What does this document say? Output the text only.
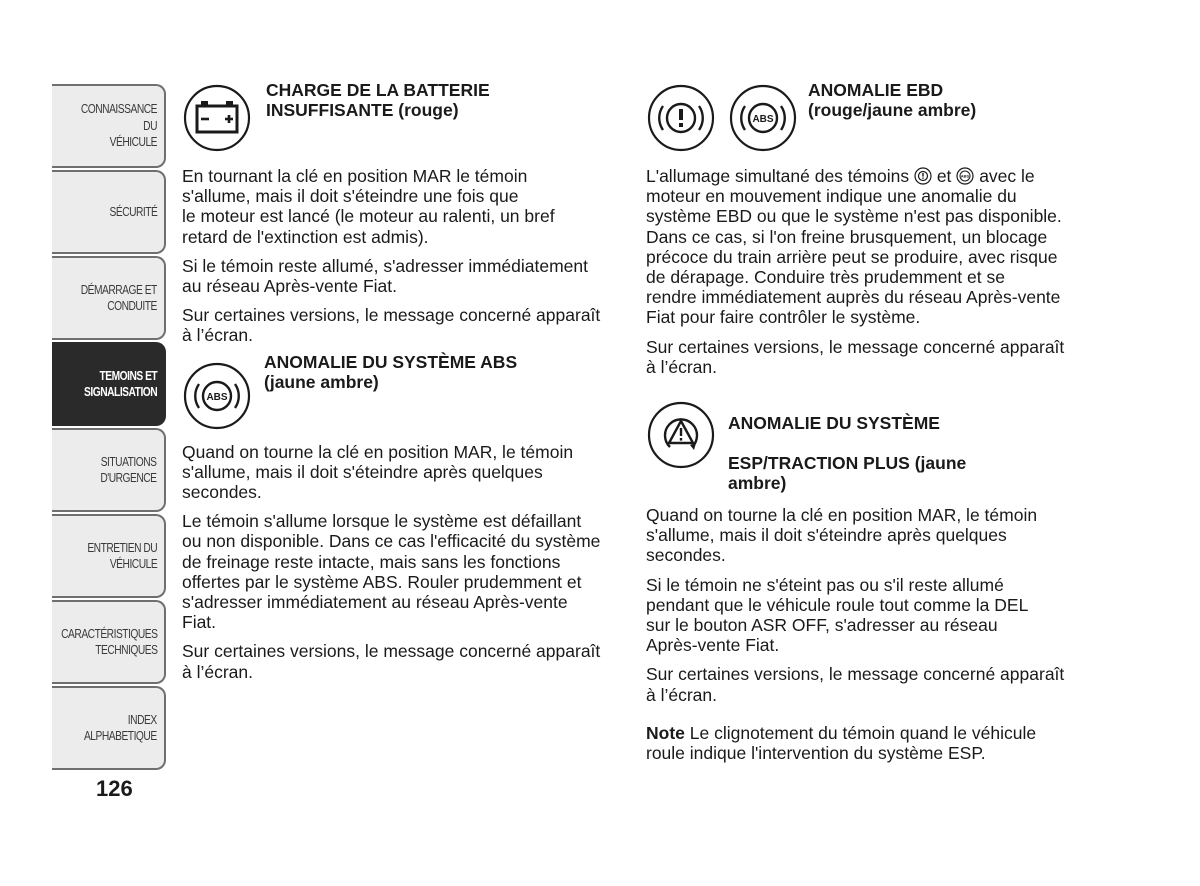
CONNAISSANCE DU
VÉHICULE
SÉCURITÉ
DÉMARRAGE ET
CONDUITE
TEMOINS ET
SIGNALISATION
SITUATIONS
D'URGENCE
ENTRETIEN DU
VÉHICULE
CARACTÉRISTIQUES
TECHNIQUES
INDEX
ALPHABETIQUE
126
CHARGE DE LA BATTERIE
INSUFFISANTE (rouge)

En tournant la clé en position MAR le témoin
s'allume, mais il doit s'éteindre une fois que
le moteur est lancé (le moteur au ralenti, un bref
retard de l'extinction est admis).

Si le témoin reste allumé, s'adresser immédiatement
au réseau Après-vente Fiat.

Sur certaines versions, le message concerné apparaît
à l’écran.

ABS
ANOMALIE DU SYSTÈME ABS
(jaune ambre)

Quand on tourne la clé en position MAR, le témoin
s'allume, mais il doit s'éteindre après quelques
secondes.

Le témoin s'allume lorsque le système est défaillant
ou non disponible. Dans ce cas l'efficacité du système
de freinage reste intacte, mais sans les fonctions
offertes par le système ABS. Rouler prudemment et
s'adresser immédiatement au réseau Après-vente
Fiat.

Sur certaines versions, le message concerné apparaît
à l’écran.

ABS
ANOMALIE EBD
(rouge/jaune ambre)

L'allumage simultané des témoins et ABS avec le
moteur en mouvement indique une anomalie du
système EBD ou que le système n'est pas disponible.
Dans ce cas, si l'on freine brusquement, un blocage
précoce du train arrière peut se produire, avec risque
de dérapage. Conduire très prudemment et se
rendre immédiatement auprès du réseau Après-vente
Fiat pour faire contrôler le système.

Sur certaines versions, le message concerné apparaît
à l’écran.

ANOMALIE DU SYSTÈME

ESP/TRACTION PLUS (jaune
ambre)

Quand on tourne la clé en position MAR, le témoin
s'allume, mais il doit s'éteindre après quelques
secondes.

Si le témoin ne s'éteint pas ou s'il reste allumé
pendant que le véhicule roule tout comme la DEL
sur le bouton ASR OFF, s'adresser au réseau
Après-vente Fiat.

Sur certaines versions, le message concerné apparaît
à l’écran.

Note Le clignotement du témoin quand le véhicule
roule indique l'intervention du système ESP.
